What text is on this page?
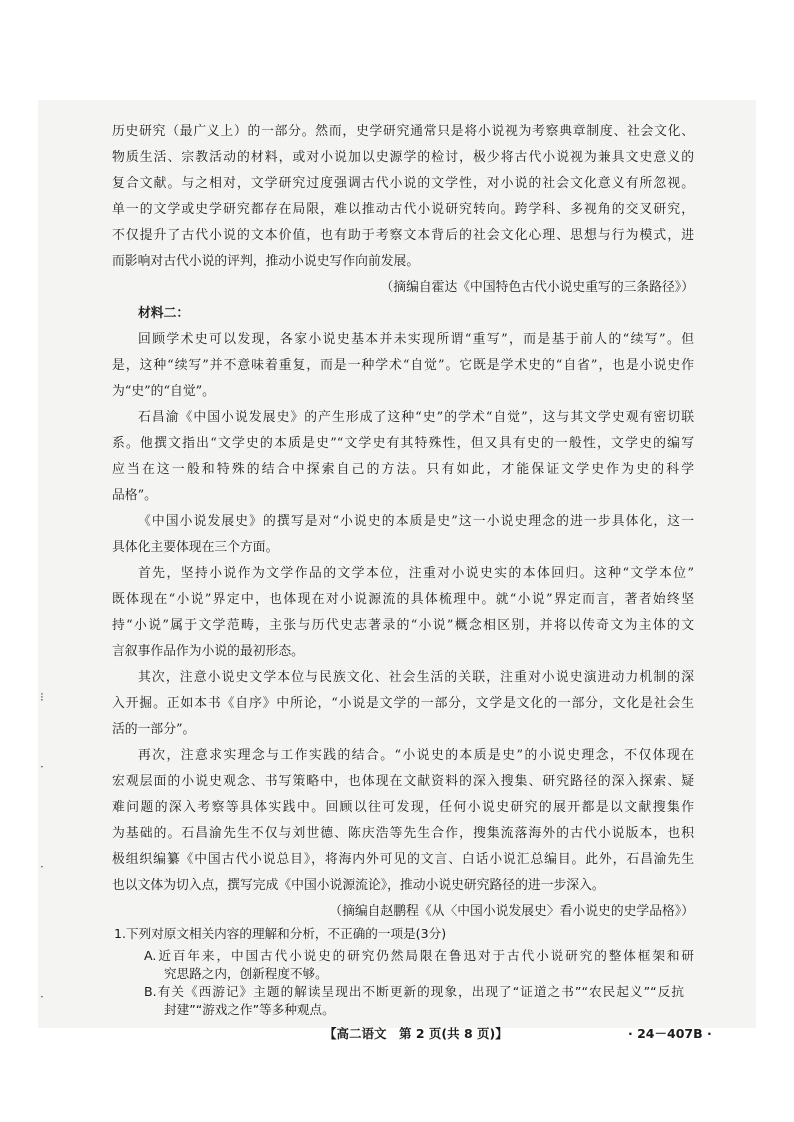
⁝
·
·
·
历史研究（最广义上）的一部分。然而，史学研究通常只是将小说视为考察典章制度、社会文化、
物质生活、宗教活动的材料，或对小说加以史源学的检讨，极少将古代小说视为兼具文史意义的
复合文献。与之相对，文学研究过度强调古代小说的文学性，对小说的社会文化意义有所忽视。
单一的文学或史学研究都存在局限，难以推动古代小说研究转向。跨学科、多视角的交叉研究，
不仅提升了古代小说的文本价值，也有助于考察文本背后的社会文化心理、思想与行为模式，进
而影响对古代小说的评判，推动小说史写作向前发展。
（摘编自霍达《中国特色古代小说史重写的三条路径》）
材料二：
回顾学术史可以发现，各家小说史基本并未实现所谓“重写”，而是基于前人的“续写”。但
是，这种“续写”并不意味着重复，而是一种学术“自觉”。它既是学术史的“自省”，也是小说史作
为“史”的“自觉”。
石昌渝《中国小说发展史》的产生形成了这种“史”的学术“自觉”，这与其文学史观有密切联
系。他撰文指出“文学史的本质是史”“文学史有其特殊性，但又具有史的一般性，文学史的编写
应当在这一般和特殊的结合中探索自己的方法。只有如此，才能保证文学史作为史的科学
品格”。
《中国小说发展史》的撰写是对“小说史的本质是史”这一小说史理念的进一步具体化，这一
具体化主要体现在三个方面。
首先，坚持小说作为文学作品的文学本位，注重对小说史实的本体回归。这种“文学本位”
既体现在“小说”界定中，也体现在对小说源流的具体梳理中。就“小说”界定而言，著者始终坚
持“小说”属于文学范畴，主张与历代史志著录的“小说”概念相区别，并将以传奇文为主体的文
言叙事作品作为小说的最初形态。
其次，注意小说史文学本位与民族文化、社会生活的关联，注重对小说史演进动力机制的深
入开掘。正如本书《自序》中所论，“小说是文学的一部分，文学是文化的一部分，文化是社会生
活的一部分”。
再次，注意求实理念与工作实践的结合。“小说史的本质是史”的小说史理念，不仅体现在
宏观层面的小说史观念、书写策略中，也体现在文献资料的深入搜集、研究路径的深入探索、疑
难问题的深入考察等具体实践中。回顾以往可发现，任何小说史研究的展开都是以文献搜集作
为基础的。石昌渝先生不仅与刘世德、陈庆浩等先生合作，搜集流落海外的古代小说版本，也积
极组织编纂《中国古代小说总目》，将海内外可见的文言、白话小说汇总编目。此外，石昌渝先生
也以文体为切入点，撰写完成《中国小说源流论》，推动小说史研究路径的进一步深入。
（摘编自赵鹏程《从〈中国小说发展史〉看小说史的史学品格》）
1.下列对原文相关内容的理解和分析，不正确的一项是(3分)
A.近百年来，中国古代小说史的研究仍然局限在鲁迅对于古代小说研究的整体框架和研
究思路之内，创新程度不够。
B.有关《西游记》主题的解读呈现出不断更新的现象，出现了“证道之书”“农民起义”“反抗
封建”“游戏之作”等多种观点。
【高二语文　第 2 页(共 8 页)】	· 24－407B ·
